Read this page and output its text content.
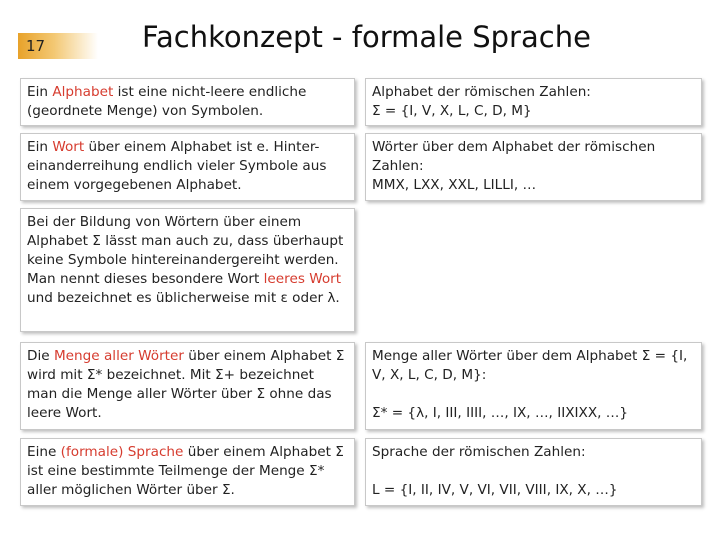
17	Fachkonzept - formale Sprache
Ein Alphabet ist eine nicht-leere endliche (geordnete Menge) von Symbolen.
Alphabet der römischen Zahlen:
Σ = {I, V, X, L, C, D, M}
Ein Wort über einem Alphabet ist e. Hinter-einanderreihung endlich vieler Symbole aus einem vorgegebenen Alphabet.
Wörter über dem Alphabet der römischen Zahlen:
MMX, LXX, XXL, LILLI, …
Bei der Bildung von Wörtern über einem Alphabet Σ lässt man auch zu, dass überhaupt keine Symbole hintereinandergereiht werden. Man nennt dieses besondere Wort leeres Wort und bezeichnet es üblicherweise mit ε oder λ.
Die Menge aller Wörter über einem Alphabet Σ wird mit Σ* bezeichnet. Mit Σ+ bezeichnet man die Menge aller Wörter über Σ ohne das leere Wort.
Menge aller Wörter über dem Alphabet Σ = {I, V, X, L, C, D, M}:
Σ* = {λ, I, III, IIII, …, IX, …, IIXIXX, …}
Eine (formale) Sprache über einem Alphabet Σ ist eine bestimmte Teilmenge der Menge Σ* aller möglichen Wörter über Σ.
Sprache der römischen Zahlen:
L = {I, II, IV, V, VI, VII, VIII, IX, X, …}
